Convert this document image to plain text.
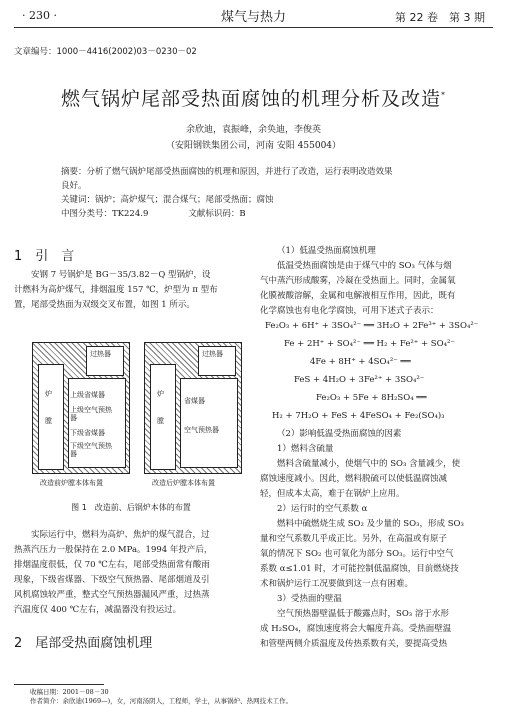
· 230 ·	煤气与热力	第 22 卷　第 3 期
文章编号：1000－4416(2002)03－0230－02
燃气锅炉尾部受热面腐蚀的机理分析及改造*
余欣迪，袁振峰，余奂迪，李俊英
（安阳钢铁集团公司，河南 安阳 455004）
摘要：分析了燃气锅炉尾部受热面腐蚀的机理和原因，并进行了改造，运行表明改造效果
良好。
关键词：锅炉；高炉煤气；混合煤气；尾部受热面；腐蚀
中图分类号：TK224.9	文献标识码：B
1　引　言
安钢 7 号锅炉是 BG－35/3.82－Q 型锅炉，设
计燃料为高炉煤气，排烟温度 157 ℃，炉型为 π 型布
置，尾部受热面为双级交叉布置，如图 1 所示。
炉
膛
过热器
上级省煤器
上级空气预热器
下级省煤器
下级空气预热器
炉
膛
过热器
省煤器
空气预热器
改造前炉膛本体布置	改造后炉膛本体布置
图 1　改造前、后锅炉本体的布置
实际运行中，燃料为高炉、焦炉的煤气混合，过
热蒸汽压力一般保持在 2.0 MPa。1994 年投产后，
排烟温度很低，仅 70 ℃左右，尾部受热面常有酸雨
现象，下级省煤器、下级空气预热器、尾部烟道及引
风机腐蚀较严重，整式空气预热器漏风严重，过热蒸
汽温度仅 400 ℃左右，减温器没有投运过。
2　尾部受热面腐蚀机理
（1）低温受热面腐蚀机理
低温受热面腐蚀是由于煤气中的 SO₃ 气体与烟
气中蒸汽形成酸雾，冷凝在受热面上。同时，金属氧
化膜被酸溶解，金属和电解液相互作用，因此，既有
化学腐蚀也有电化学腐蚀，可用下述式子表示：
Fe₂O₃ + 6H⁺ + 3SO₄²⁻ ══ 3H₂O + 2Fe³⁺ + 3SO₄²⁻
Fe + 2H⁺ + SO₄²⁻ ══ H₂ + Fe²⁺ + SO₄²⁻
4Fe + 8H⁺ + 4SO₄²⁻ ══
FeS + 4H₂O + 3Fe²⁺ + 3SO₄²⁻
Fe₂O₃ + 5Fe + 8H₂SO₄ ══
H₂ + 7H₂O + FeS + 4FeSO₄ + Fe₂(SO₄)₃
（2）影响低温受热面腐蚀的因素
1）燃料含硫量
燃料含硫量减小，使烟气中的 SO₃ 含量减少，使
腐蚀速度减小。因此，燃料脱硫可以使低温腐蚀减
轻，但成本太高，难于在锅炉上应用。
2）运行时的空气系数 α
燃料中硫燃烧生成 SO₂ 及少量的 SO₃，形成 SO₃
量和空气系数几乎成正比。另外，在高温或有原子
氧的情况下 SO₂ 也可氧化为部分 SO₃。运行中空气
系数 α≤1.01 时，才可能控制低温腐蚀，目前燃烧技
术和锅炉运行工况要做到这一点有困难。
3）受热面的壁温
空气预热器壁温低于酸露点时，SO₃ 溶于水形
成 H₂SO₄，腐蚀速度将会大幅度升高。受热面壁温
和管壁两侧介质温度及传热系数有关，要提高受热
收稿日期：2001－08－30
作者简介：余欣迪(1969—)，女，河南汤阴人，工程师，学士，从事锅炉、热网技术工作。
